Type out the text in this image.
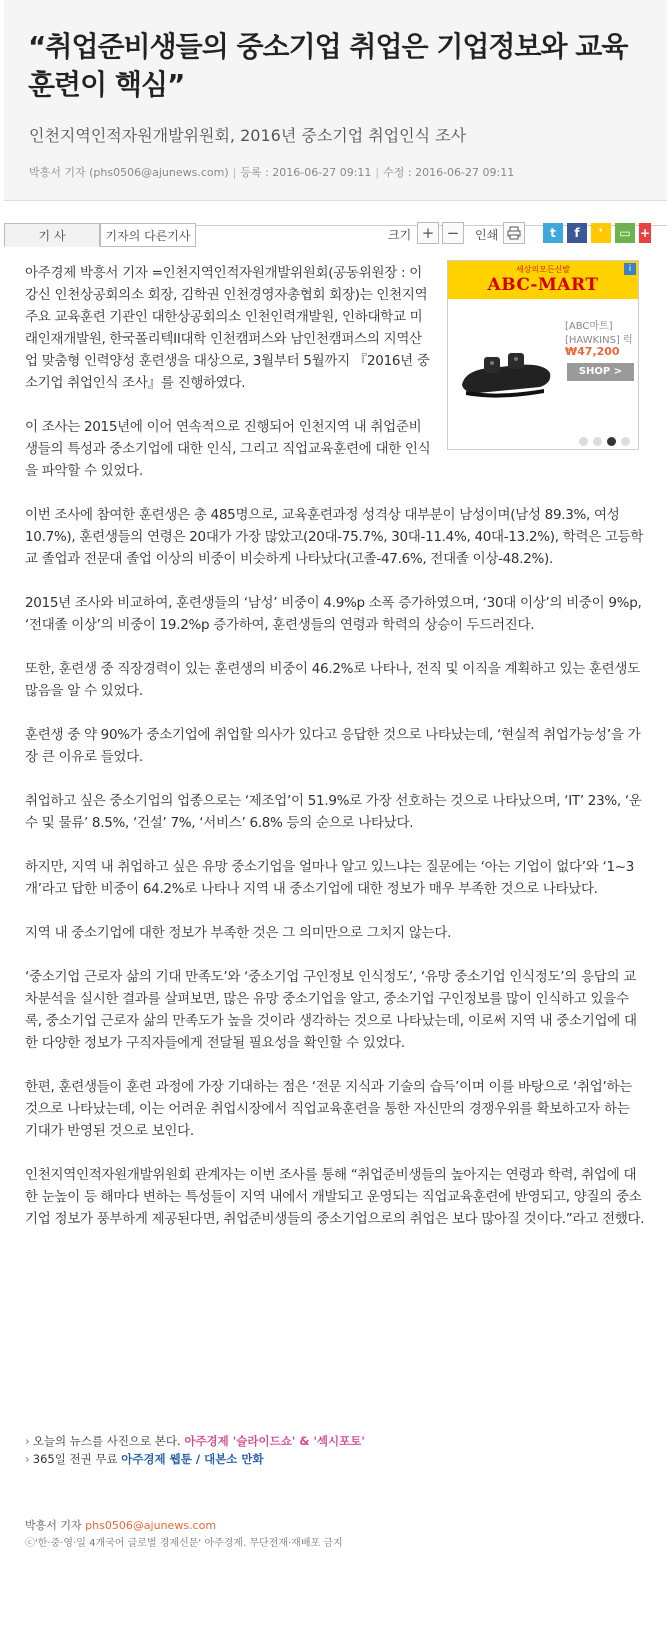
“취업준비생들의 중소기업 취업은 기업정보와 교육훈련이 핵심”
인천지역인적자원개발위원회, 2016년 중소기업 취업인식 조사
박흥서 기자 (phs0506@ajunews.com) | 등록 : 2016-06-27 09:11 | 수정 : 2016-06-27 09:11
기 사	기자의 다른기사	크기 + −	인쇄	t	f	❜	▭ +

아주경제 박흥서 기자 =인천지역인적자원개발위원회(공동위원장 : 이강신 인천상공회의소 회장, 김학권 인천경영자총협회 회장)는 인천지역 주요 교육훈련 기관인 대한상공회의소 인천인력개발원, 인하대학교 미래인재개발원, 한국폴리텍II대학 인천캠퍼스와 남인천캠퍼스의 지역산업 맞춤형 인력양성 훈련생을 대상으로, 3월부터 5월까지 『2016년 중소기업 취업인식 조사』를 진행하였다.

이 조사는 2015년에 이어 연속적으로 진행되어 인천지역 내 취업준비생들의 특성과 중소기업에 대한 인식, 그리고 직업교육훈련에 대한 인식을 파악할 수 있었다.

이번 조사에 참여한 훈련생은 총 485명으로, 교육훈련과정 성격상 대부분이 남성이며(남성 89.3%, 여성 10.7%), 훈련생들의 연령은 20대가 가장 많았고(20대-75.7%, 30대-11.4%, 40대-13.2%), 학력은 고등학교 졸업과 전문대 졸업 이상의 비중이 비슷하게 나타났다(고졸-47.6%, 전대졸 이상-48.2%).

2015년 조사와 비교하여, 훈련생들의 ‘남성’ 비중이 4.9%p 소폭 증가하였으며, ‘30대 이상’의 비중이 9%p, ‘전대졸 이상’의 비중이 19.2%p 증가하여, 훈련생들의 연령과 학력의 상승이 두드러진다.

또한, 훈련생 중 직장경력이 있는 훈련생의 비중이 46.2%로 나타나, 전직 및 이직을 계획하고 있는 훈련생도 많음을 알 수 있었다.

훈련생 중 약 90%가 중소기업에 취업할 의사가 있다고 응답한 것으로 나타났는데, ‘현실적 취업가능성’을 가장 큰 이유로 들었다.

취업하고 싶은 중소기업의 업종으로는 ‘제조업’이 51.9%로 가장 선호하는 것으로 나타났으며, ‘IT’ 23%, ‘운수 및 물류’ 8.5%, ‘건설’ 7%, ‘서비스’ 6.8% 등의 순으로 나타났다.

하지만, 지역 내 취업하고 싶은 유망 중소기업을 얼마나 알고 있느냐는 질문에는 ‘아는 기업이 없다’와 ‘1~3개’라고 답한 비중이 64.2%로 나타나 지역 내 중소기업에 대한 정보가 매우 부족한 것으로 나타났다.

지역 내 중소기업에 대한 정보가 부족한 것은 그 의미만으로 그치지 않는다.

‘중소기업 근로자 삶의 기대 만족도’와 ‘중소기업 구인정보 인식정도’, ‘유망 중소기업 인식정도’의 응답의 교차분석을 실시한 결과를 살펴보면, 많은 유망 중소기업을 알고, 중소기업 구인정보를 많이 인식하고 있을수록, 중소기업 근로자 삶의 만족도가 높을 것이라 생각하는 것으로 나타났는데, 이로써 지역 내 중소기업에 대한 다양한 정보가 구직자들에게 전달될 필요성을 확인할 수 있었다.

한편, 훈련생들이 훈련 과정에 가장 기대하는 점은 ‘전문 지식과 기술의 습득’이며 이를 바탕으로 ‘취업’하는 것으로 나타났는데, 이는 어려운 취업시장에서 직업교육훈련을 통한 자신만의 경쟁우위를 확보하고자 하는 기대가 반영된 것으로 보인다.

인천지역인적자원개발위원회 관계자는 이번 조사를 통해 “취업준비생들의 높아지는 연령과 학력, 취업에 대한 눈높이 등 해마다 변하는 특성들이 지역 내에서 개발되고 운영되는 직업교육훈련에 반영되고, 양질의 중소기업 정보가 풍부하게 제공된다면, 취업준비생들의 중소기업으로의 취업은 보다 많아질 것이다.”라고 전했다.

세상의모든신발
ABC-MART
i
[ABC마트]
[HAWKINS] 럭
₩47,200
SHOP >
› 오늘의 뉴스를 사진으로 본다. 아주경제 '슬라이드쇼' & '섹시포토'
› 365일 전권 무료 아주경제 웹툰 / 대본소 만화
박흥서 기자 phs0506@ajunews.com
ⓒ'한·중·영·일 4개국어 글로벌 경제신문' 아주경제. 무단전재·재배포 금지
